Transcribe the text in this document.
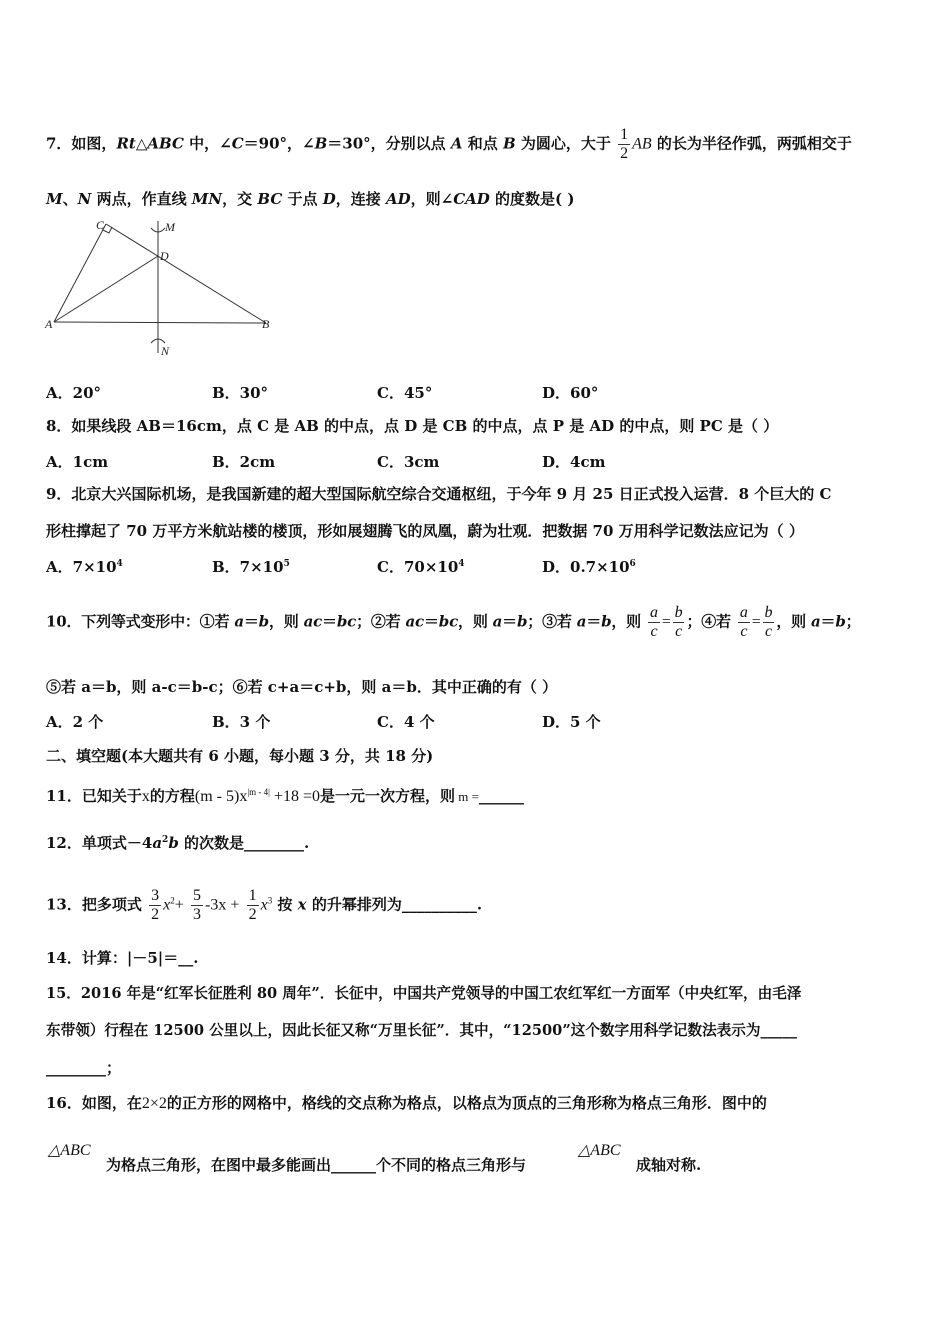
7．如图，Rt△ABC 中，∠C＝90°，∠B＝30°，分别以点 A 和点 B 为圆心，大于 $\frac{1}{2}$ AB 的长为半径作弧，两弧相交于
M、N 两点，作直线 MN，交 BC 于点 D，连接 AD，则∠CAD 的度数是( )
C	M
D
A	B
N
A．20°	B．30°	C．45°	D．60°
8．如果线段 AB＝16cm，点 C 是 AB 的中点，点 D 是 CB 的中点，点 P 是 AD 的中点，则 PC 是（ ）
A．1cm	B．2cm	C．3cm	D．4cm
9．北京大兴国际机场，是我国新建的超大型国际航空综合交通枢纽，于今年 9 月 25 日正式投入运营．8 个巨大的 C
形柱撑起了 70 万平方米航站楼的楼顶，形如展翅腾飞的凤凰，蔚为壮观．把数据 70 万用科学记数法应记为（ ）
A．$7\times 10^4$	B．$7\times 10^5$	C．$70\times 10^4$	D．$0.7\times 10^6$
10．下列等式变形中：①若 a＝b，则 ac＝bc；②若 ac＝bc，则 a＝b；③若 a＝b，则 $\frac{a}{c} = \frac{b}{c}$ ；④若 $\frac{a}{c} = \frac{b}{c}$ ，则 a＝b；
⑤若 a＝b，则 a-c＝b-c；⑥若 c+a＝c+b，则 a＝b．其中正确的有（ ）
A．2 个	B．3 个	C．4 个	D．5 个
二、填空题(本大题共有 6 小题，每小题 3 分，共 18 分)
11．已知关于x的方程$(m - 5)x^{|m - 4|} +18 =0$是一元一次方程，则 m =______
12．单项式$-4a^2b$ 的次数是________.
13．把多项式 $\frac{3}{2} x^2+ \frac{5}{3} -3x + \frac{1}{2} x^3$ 按 x 的升幂排列为__________.
14．计算：|－5|＝__.
15．2016 年是“红军长征胜利 80 周年”．长征中，中国共产党领导的中国工农红军红一方面军（中央红军，由毛泽
东带领）行程在 12500 公里以上，因此长征又称“万里长征”．其中，“12500”这个数字用科学记数法表示为_____
________；
16．如图，在2×2的正方形的网格中，格线的交点称为格点，以格点为顶点的三角形称为格点三角形．图中的
△ABC
为格点三角形，在图中最多能画出______个不同的格点三角形与
△ABC
成轴对称.
